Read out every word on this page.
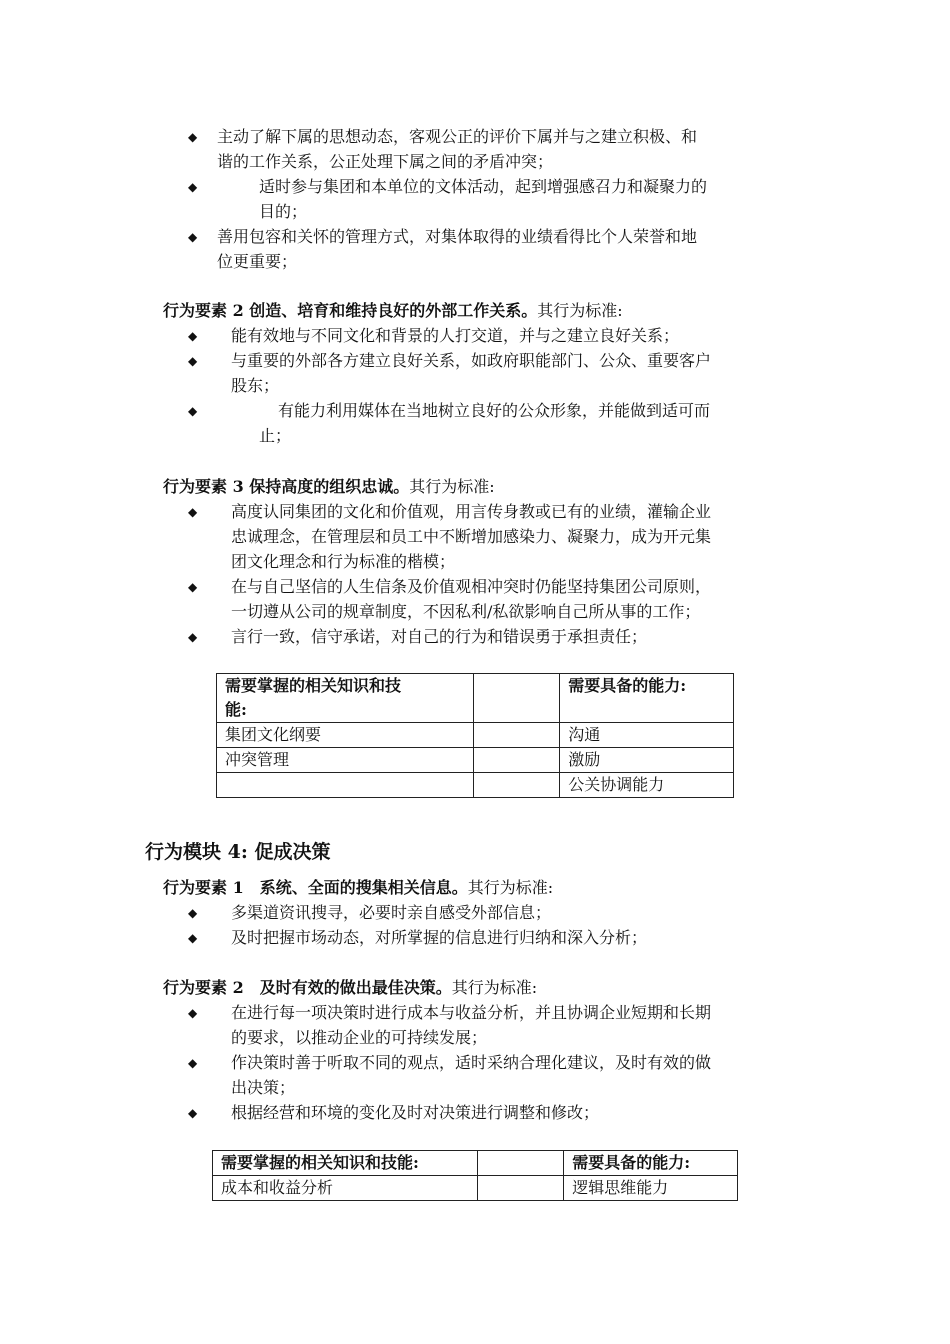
◆ 主动了解下属的思想动态，客观公正的评价下属并与之建立积极、和
谐的工作关系，公正处理下属之间的矛盾冲突；
◆	适时参与集团和本单位的文体活动，起到增强感召力和凝聚力的
目的；
◆ 善用包容和关怀的管理方式，对集体取得的业绩看得比个人荣誉和地
位更重要；
行为要素 2 创造、培育和维持良好的外部工作关系。其行为标准:
◆ 能有效地与不同文化和背景的人打交道，并与之建立良好关系；
◆ 与重要的外部各方建立良好关系，如政府职能部门、公众、重要客户
股东；
◆	有能力利用媒体在当地树立良好的公众形象，并能做到适可而
止；
行为要素 3 保持高度的组织忠诚。其行为标准:
◆ 高度认同集团的文化和价值观，用言传身教或已有的业绩，灌输企业
忠诚理念，在管理层和员工中不断增加感染力、凝聚力，成为开元集
团文化理念和行为标准的楷模；
◆ 在与自己坚信的人生信条及价值观相冲突时仍能坚持集团公司原则，
一切遵从公司的规章制度，不因私利/私欲影响自己所从事的工作；
◆ 言行一致，信守承诺，对自己的行为和错误勇于承担责任；
需要掌握的相关知识和技
能:		需要具备的能力:
集团文化纲要		沟通
冲突管理		激励
		公关协调能力
行为模块 4: 促成决策
行为要素 1　系统、全面的搜集相关信息。其行为标准:
◆ 多渠道资讯搜寻，必要时亲自感受外部信息；
◆ 及时把握市场动态，对所掌握的信息进行归纳和深入分析；
行为要素 2　及时有效的做出最佳决策。其行为标准:
◆ 在进行每一项决策时进行成本与收益分析，并且协调企业短期和长期
的要求，以推动企业的可持续发展；
◆ 作决策时善于听取不同的观点，适时采纳合理化建议，及时有效的做
出决策；
◆ 根据经营和环境的变化及时对决策进行调整和修改；
需要掌握的相关知识和技能:		需要具备的能力:
成本和收益分析		逻辑思维能力
